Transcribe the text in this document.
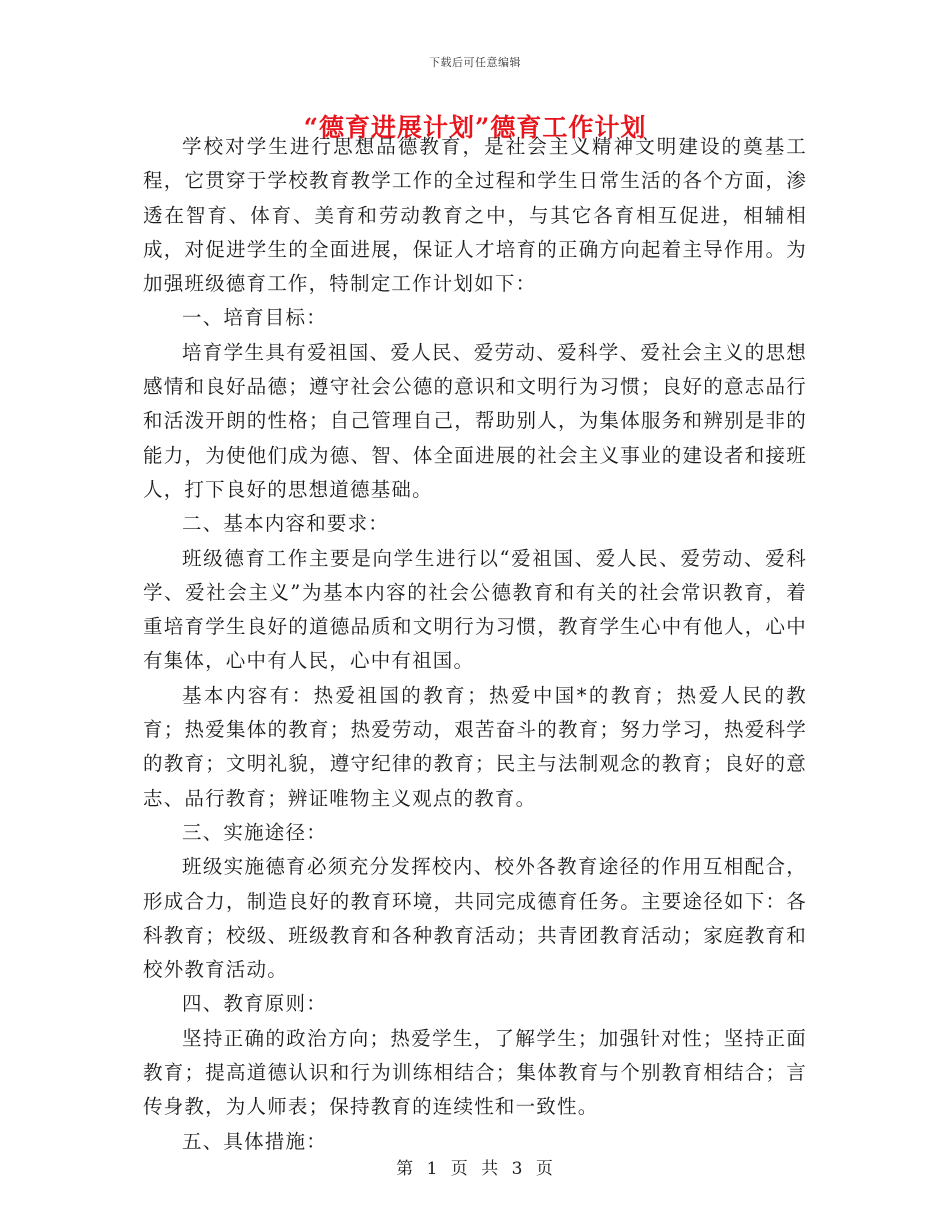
下载后可任意编辑
“德育进展计划”德育工作计划

学校对学生进行思想品德教育，是社会主义精神文明建设的奠基工程，它贯穿于学校教育教学工作的全过程和学生日常生活的各个方面，渗透在智育、体育、美育和劳动教育之中，与其它各育相互促进，相辅相成，对促进学生的全面进展，保证人才培育的正确方向起着主导作用。为加强班级德育工作，特制定工作计划如下：

一、培育目标：

培育学生具有爱祖国、爱人民、爱劳动、爱科学、爱社会主义的思想感情和良好品德；遵守社会公德的意识和文明行为习惯；良好的意志品行和活泼开朗的性格；自己管理自己，帮助别人，为集体服务和辨别是非的能力，为使他们成为德、智、体全面进展的社会主义事业的建设者和接班人，打下良好的思想道德基础。

二、基本内容和要求：

班级德育工作主要是向学生进行以“爱祖国、爱人民、爱劳动、爱科学、爱社会主义”为基本内容的社会公德教育和有关的社会常识教育，着重培育学生良好的道德品质和文明行为习惯，教育学生心中有他人，心中有集体，心中有人民，心中有祖国。

基本内容有：热爱祖国的教育；热爱中国*的教育；热爱人民的教育；热爱集体的教育；热爱劳动，艰苦奋斗的教育；努力学习，热爱科学的教育；文明礼貌，遵守纪律的教育；民主与法制观念的教育；良好的意志、品行教育；辨证唯物主义观点的教育。

三、实施途径：

班级实施德育必须充分发挥校内、校外各教育途径的作用互相配合，形成合力，制造良好的教育环境，共同完成德育任务。主要途径如下：各科教育；校级、班级教育和各种教育活动；共青团教育活动；家庭教育和校外教育活动。

四、教育原则：

坚持正确的政治方向；热爱学生，了解学生；加强针对性；坚持正面教育；提高道德认识和行为训练相结合；集体教育与个别教育相结合；言传身教，为人师表；保持教育的连续性和一致性。

五、具体措施：

第 1 页 共 3 页
